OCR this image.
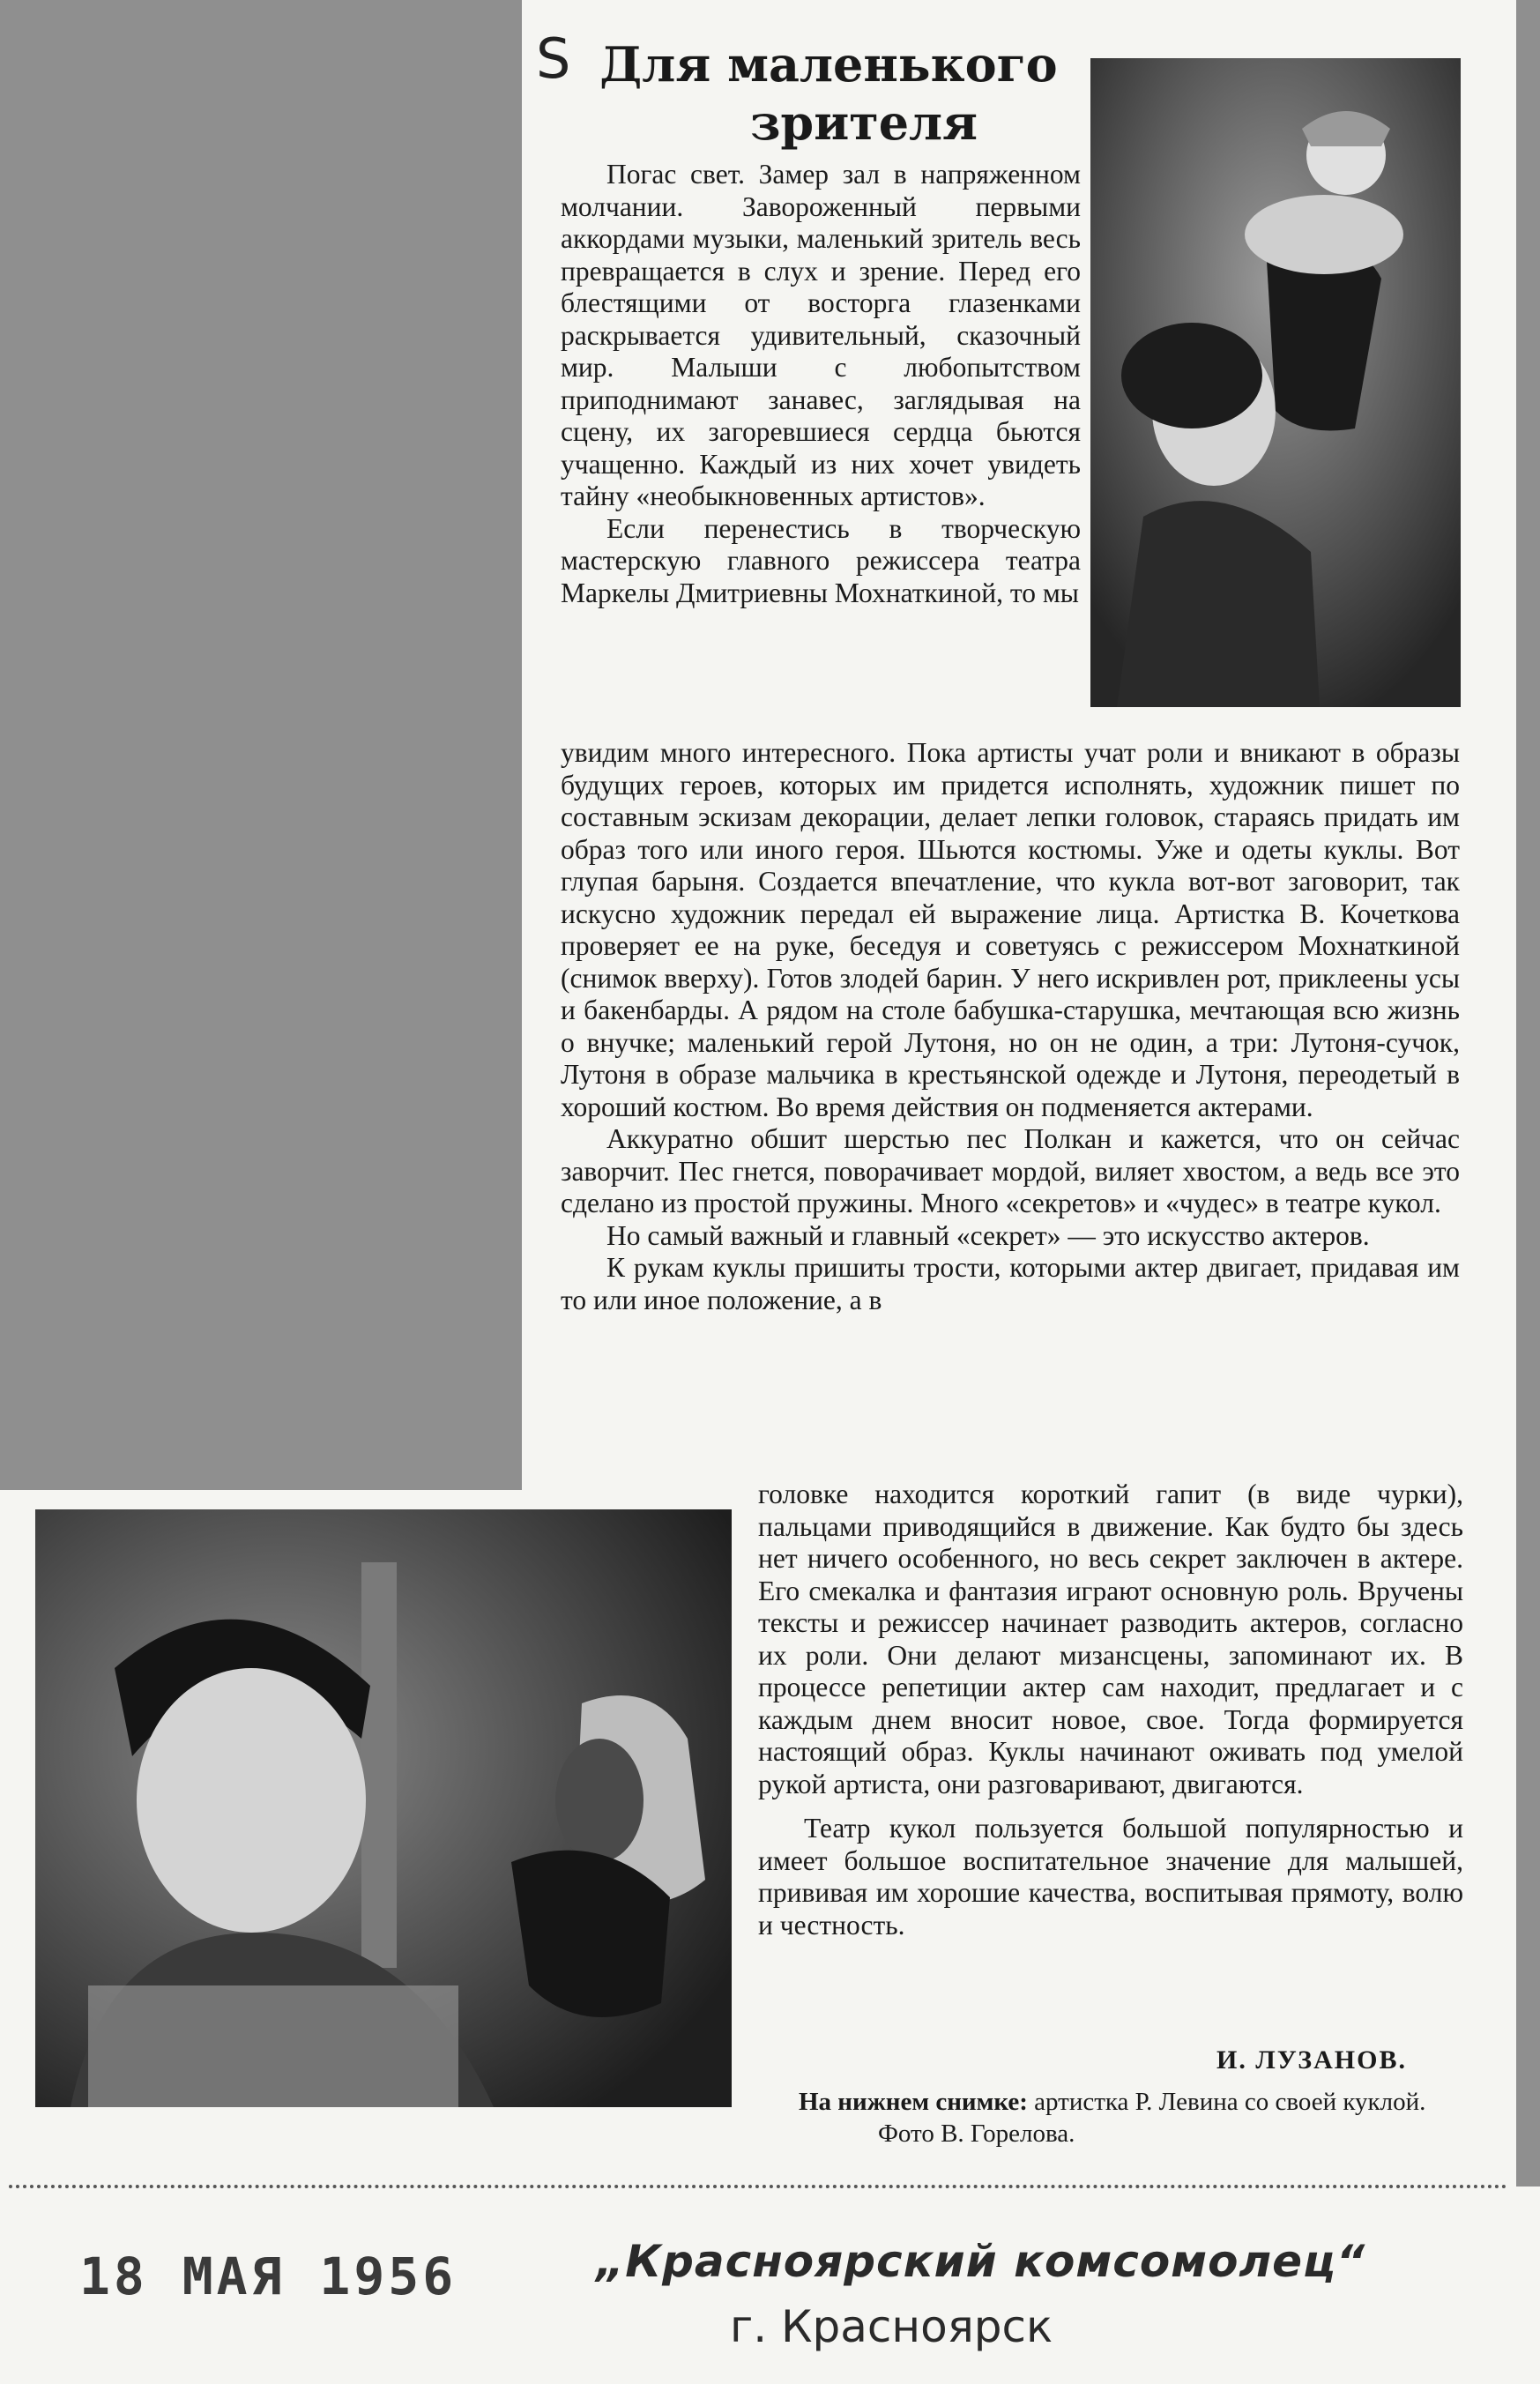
S Для маленького
зрителя

Погас свет. Замер зал в напряженном молчании. Завороженный первыми аккордами музыки, маленький зритель весь превращается в слух и зрение. Перед его блестящими от восторга глазенками раскрывается удивительный, сказочный мир. Малыши с любопытством приподнимают занавес, заглядывая на сцену, их загоревшиеся сердца бьются учащенно. Каждый из них хочет увидеть тайну «необыкновенных артистов».

Если перенестись в творческую мастерскую главного режиссера театра Маркелы Дмитриевны Мохнаткиной, то мы

увидим много интересного. Пока артисты учат роли и вникают в образы будущих героев, которых им придется исполнять, художник пишет по составным эскизам декорации, делает лепки головок, стараясь придать им образ того или иного героя. Шьются костюмы. Уже и одеты куклы. Вот глупая барыня. Создается впечатление, что кукла вот-вот заговорит, так искусно художник передал ей выражение лица. Артистка В. Кочеткова проверяет ее на руке, беседуя и советуясь с режиссером Мохнаткиной (снимок вверху). Готов злодей барин. У него искривлен рот, приклеены усы и бакенбарды. А рядом на столе бабушка-старушка, мечтающая всю жизнь о внучке; маленький герой Лутоня, но он не один, а три: Лутоня-сучок, Лутоня в образе мальчика в крестьянской одежде и Лутоня, переодетый в хороший костюм. Во время действия он подменяется актерами.

Аккуратно обшит шерстью пес Полкан и кажется, что он сейчас заворчит. Пес гнется, поворачивает мордой, виляет хвостом, а ведь все это сделано из простой пружины. Много «секретов» и «чудес» в театре кукол.

Но самый важный и главный «секрет» — это искусство актеров.

К рукам куклы пришиты трости, которыми актер двигает, придавая им то или иное положение, а в

головке находится короткий гапит (в виде чурки), пальцами приводящийся в движение. Как будто бы здесь нет ничего особенного, но весь секрет заключен в актере. Его смекалка и фантазия играют основную роль. Вручены тексты и режиссер начинает разводить актеров, согласно их роли. Они делают мизансцены, запоминают их. В процессе репетиции актер сам находит, предлагает и с каждым днем вносит новое, свое. Тогда формируется настоящий образ. Куклы начинают оживать под умелой рукой артиста, они разговаривают, двигаются.

Театр кукол пользуется большой популярностью и имеет большое воспитательное значение для малышей, прививая им хорошие качества, воспитывая прямоту, волю и честность.

И. ЛУЗАНОВ.
На нижнем снимке: артистка Р. Левина со своей куклой. Фото В. Горелова.
18 МАЯ 1956	„Красноярский комсомолец“
г. Красноярск
